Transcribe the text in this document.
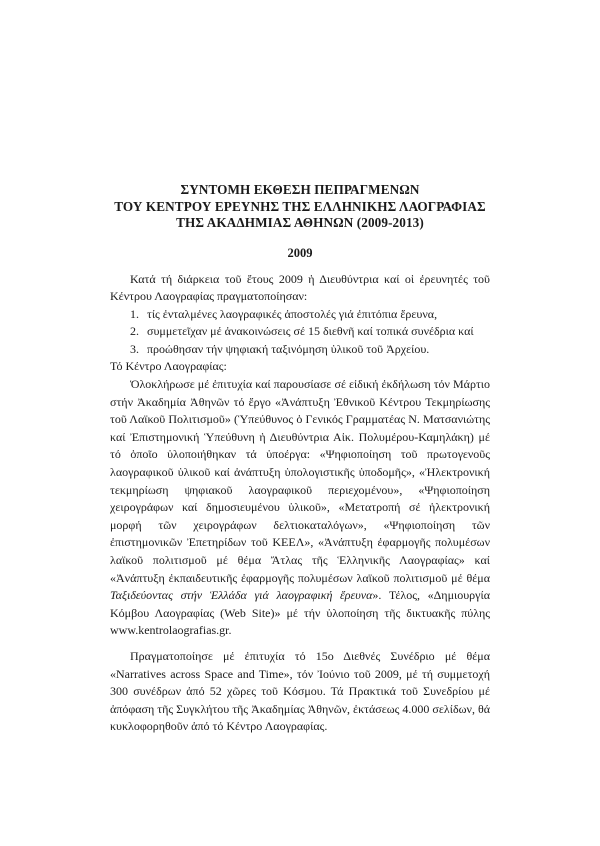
ΣΥΝΤΟΜΗ ΕΚΘΕΣΗ ΠΕΠΡΑΓΜΕΝΩΝ
ΤΟΥ ΚΕΝΤΡΟΥ ΕΡΕΥΝΗΣ ΤΗΣ ΕΛΛΗΝΙΚΗΣ ΛΑΟΓΡΑΦΙΑΣ
ΤΗΣ ΑΚΑΔΗΜΙΑΣ ΑΘΗΝΩΝ (2009-2013)
2009

Κατά τή διάρκεια τοῦ ἔτους 2009 ἡ Διευθύντρια καί οἱ ἐρευνητές τοῦ Κέντρου Λαογραφίας πραγματοποίησαν:

1. τίς ἐνταλμένες λαογραφικές ἀποστολές γιά ἐπιτόπια ἔρευνα,
2. συμμετεῖχαν μέ ἀνακοινώσεις σέ 15 διεθνῆ καί τοπικά συνέδρια καί
3. προώθησαν τήν ψηφιακή ταξινόμηση ὑλικοῦ τοῦ Ἀρχείου.

Τό Κέντρο Λαογραφίας:

Ὁλοκλήρωσε μέ ἐπιτυχία καί παρουσίασε σέ εἰδική ἐκδήλωση τόν Μάρτιο στήν Ἀκαδημία Ἀθηνῶν τό ἔργο «Ἀνάπτυξη Ἐθνικοῦ Κέντρου Τεκμηρίωσης τοῦ Λαϊκοῦ Πολιτισμοῦ» (Ὑπεύθυνος ὁ Γενικός Γραμματέας Ν. Ματσανιώτης καί Ἐπιστημονική Ὑπεύθυνη ἡ Διευθύντρια Αἰκ. Πολυμέρου-Καμηλάκη) μέ τό ὁποῖο ὑλοποιήθηκαν τά ὑποέργα: «Ψηφιοποίηση τοῦ πρωτογενοῦς λαογραφικοῦ ὑλικοῦ καί ἀνάπτυξη ὑπολογιστικῆς ὑποδομῆς», «Ἠλεκτρονική τεκμηρίωση ψηφιακοῦ λαογραφικοῦ περιεχομένου», «Ψηφιοποίηση χειρογράφων καί δημοσιευμένου ὑλικοῦ», «Μετατροπή σέ ἠλεκτρονική μορφή τῶν χειρογράφων δελτιοκαταλόγων», «Ψηφιοποίηση τῶν ἐπιστημονικῶν Ἐπετηρίδων τοῦ ΚΕΕΛ», «Ἀνάπτυξη ἐφαρμογῆς πολυμέσων λαϊκοῦ πολιτισμοῦ μέ θέμα Ἄτλας τῆς Ἑλληνικῆς Λαογραφίας» καί «Ἀνάπτυξη ἐκπαιδευτικῆς ἐφαρμογῆς πολυμέσων λαϊκοῦ πολιτισμοῦ μέ θέμα Ταξιδεύοντας στήν Ἑλλάδα γιά λαογραφική ἔρευνα». Τέλος, «Δημιουργία Κόμβου Λαογραφίας (Web Site)» μέ τήν ὑλοποίηση τῆς δικτυακῆς πύλης www.kentrolaografias.gr.

Πραγματοποίησε μέ ἐπιτυχία τό 15ο Διεθνές Συνέδριο μέ θέμα «Narratives across Space and Time», τόν Ἰούνιο τοῦ 2009, μέ τή συμμετοχή 300 συνέδρων ἀπό 52 χῶρες τοῦ Κόσμου. Τά Πρακτικά τοῦ Συνεδρίου μέ ἀπόφαση τῆς Συγκλήτου τῆς Ἀκαδημίας Ἀθηνῶν, ἐκτάσεως 4.000 σελίδων, θά κυκλοφορηθοῦν ἀπό τό Κέντρο Λαογραφίας.
